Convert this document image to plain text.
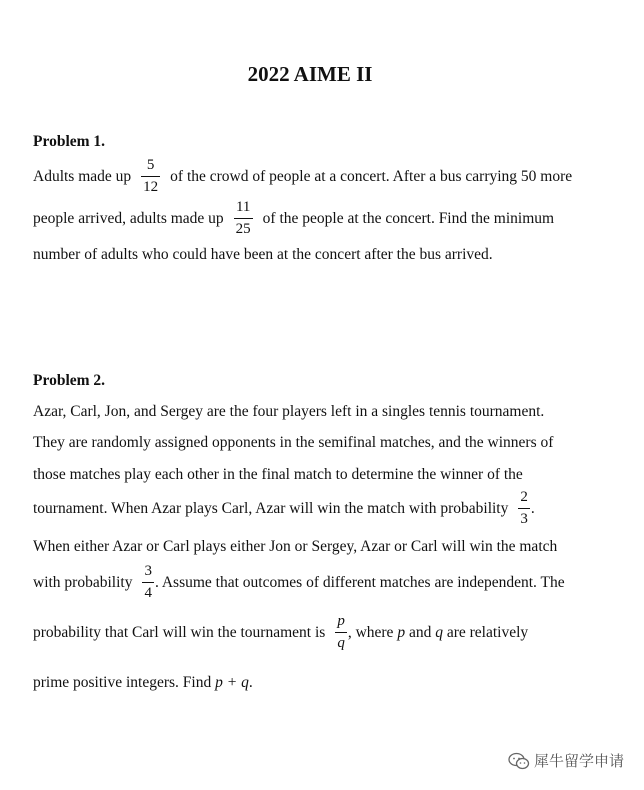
2022 AIME II
Problem 1.
Adults made up $\frac{5}{12}$ of the crowd of people at a concert. After a bus carrying 50 more
people arrived, adults made up $\frac{11}{25}$ of the people at the concert. Find the minimum
number of adults who could have been at the concert after the bus arrived.
Problem 2.
Azar, Carl, Jon, and Sergey are the four players left in a singles tennis tournament.
They are randomly assigned opponents in the semifinal matches, and the winners of
those matches play each other in the final match to determine the winner of the
tournament. When Azar plays Carl, Azar will win the match with probability $\frac{2}{3}$ .
When either Azar or Carl plays either Jon or Sergey, Azar or Carl will win the match
with probability $\frac{3}{4}$ . Assume that outcomes of different matches are independent. The
probability that Carl will win the tournament is $\frac{p}{q}$ , where
p
and
q
are relatively
prime positive integers. Find
p + q .
犀牛留学申请
